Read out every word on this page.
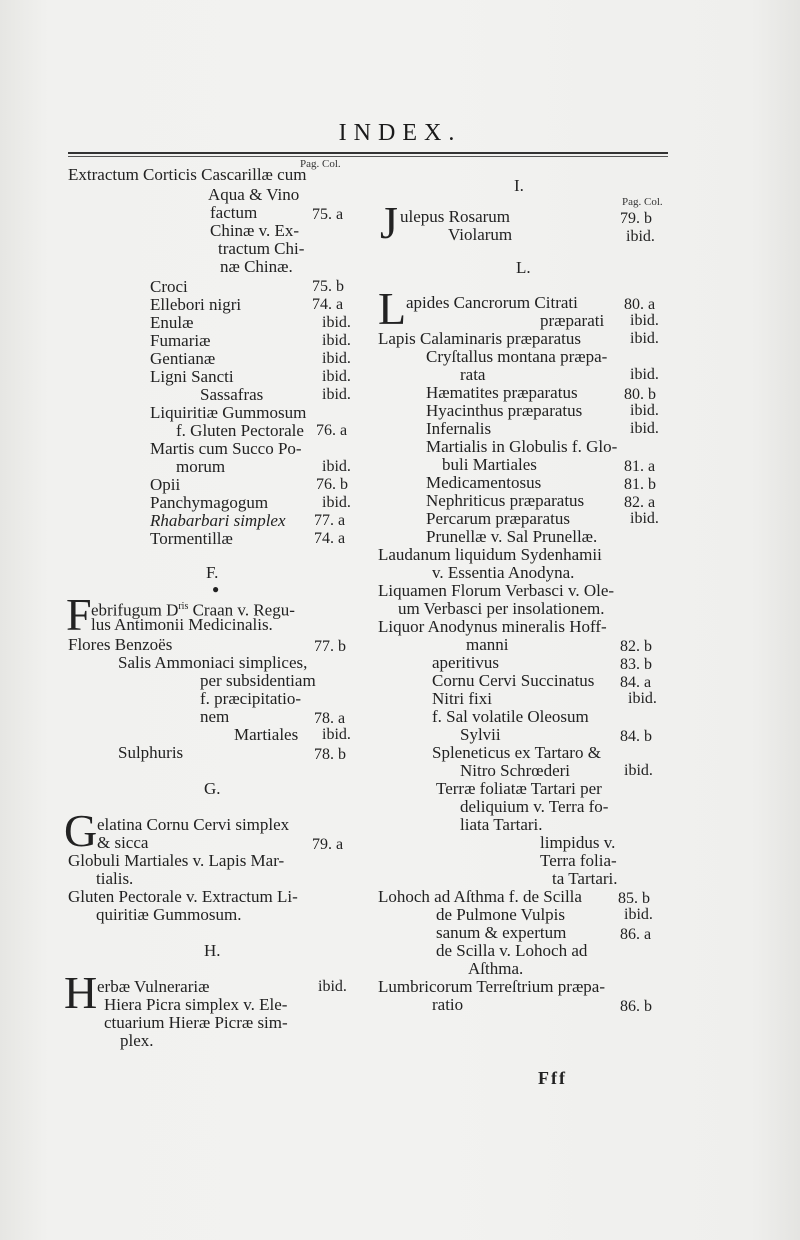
INDEX.
Pag. Col.
Pag. Col.
Extractum Corticis Cascarillæ cum
Aqua & Vino
factum
Chinæ v. Ex-
tractum Chi-
næ Chinæ.
Croci
Ellebori nigri
Enulæ
Fumariæ
Gentianæ
Ligni Sancti
Sassafras
Liquiritiæ Gummosum
f. Gluten Pectorale
Martis cum Succo Po-
morum
Opii
Panchymagogum
Rhabarbari simplex
Tormentillæ
75. a
75. b
74. a
ibid.
ibid.
ibid.
ibid.
ibid.
76. a
ibid.
76. b
ibid.
77. a
74. a
F.
●
F ebrifugum $D^{ris}$ Craan v. Regu-
lus Antimonii Medicinalis.
Flores Benzoës
Salis Ammoniaci simplices,
per subsidentiam
f. præcipitatio-
nem
Martiales
Sulphuris
77. b
78. a
ibid.
78. b
G.
G elatina Cornu Cervi simplex
& sicca
Globuli Martiales v. Lapis Mar-
tialis.
Gluten Pectorale v. Extractum Li-
quiritiæ Gummosum.
79. a
H.
H erbæ Vulnerariæ
Hiera Picra simplex v. Ele-
ctuarium Hieræ Picræ sim-
plex.
ibid.
I.
J ulepus Rosarum
Violarum
79. b
ibid.
L.
L apides Cancrorum Citrati
præparati
Lapis Calaminaris præparatus
Cryſtallus montana præpa-
rata
Hæmatites præparatus
Hyacinthus præparatus
Infernalis
Martialis in Globulis f. Glo-
buli Martiales
Medicamentosus
Nephriticus præparatus
Percarum præparatus
Prunellæ v. Sal Prunellæ.
Laudanum liquidum Sydenhamii
v. Essentia Anodyna.
Liquamen Florum Verbasci v. Ole-
um Verbasci per insolationem.
Liquor Anodynus mineralis Hoff-
manni
aperitivus
Cornu Cervi Succinatus
Nitri fixi
f. Sal volatile Oleosum
Sylvii
Spleneticus ex Tartaro &
Nitro Schrœderi
Terræ foliatæ Tartari per
deliquium v. Terra fo-
liata Tartari.
limpidus v.
Terra folia-
ta Tartari.
Lohoch ad Aſthma f. de Scilla
de Pulmone Vulpis
sanum & expertum
de Scilla v. Lohoch ad
Aſthma.
Lumbricorum Terreſtrium præpa-
ratio
80. a
ibid.
ibid.
ibid.
80. b
ibid.
ibid.
81. a
81. b
82. a
ibid.
82. b
83. b
84. a
ibid.
84. b
ibid.
85. b
ibid.
86. a
86. b
Fff
